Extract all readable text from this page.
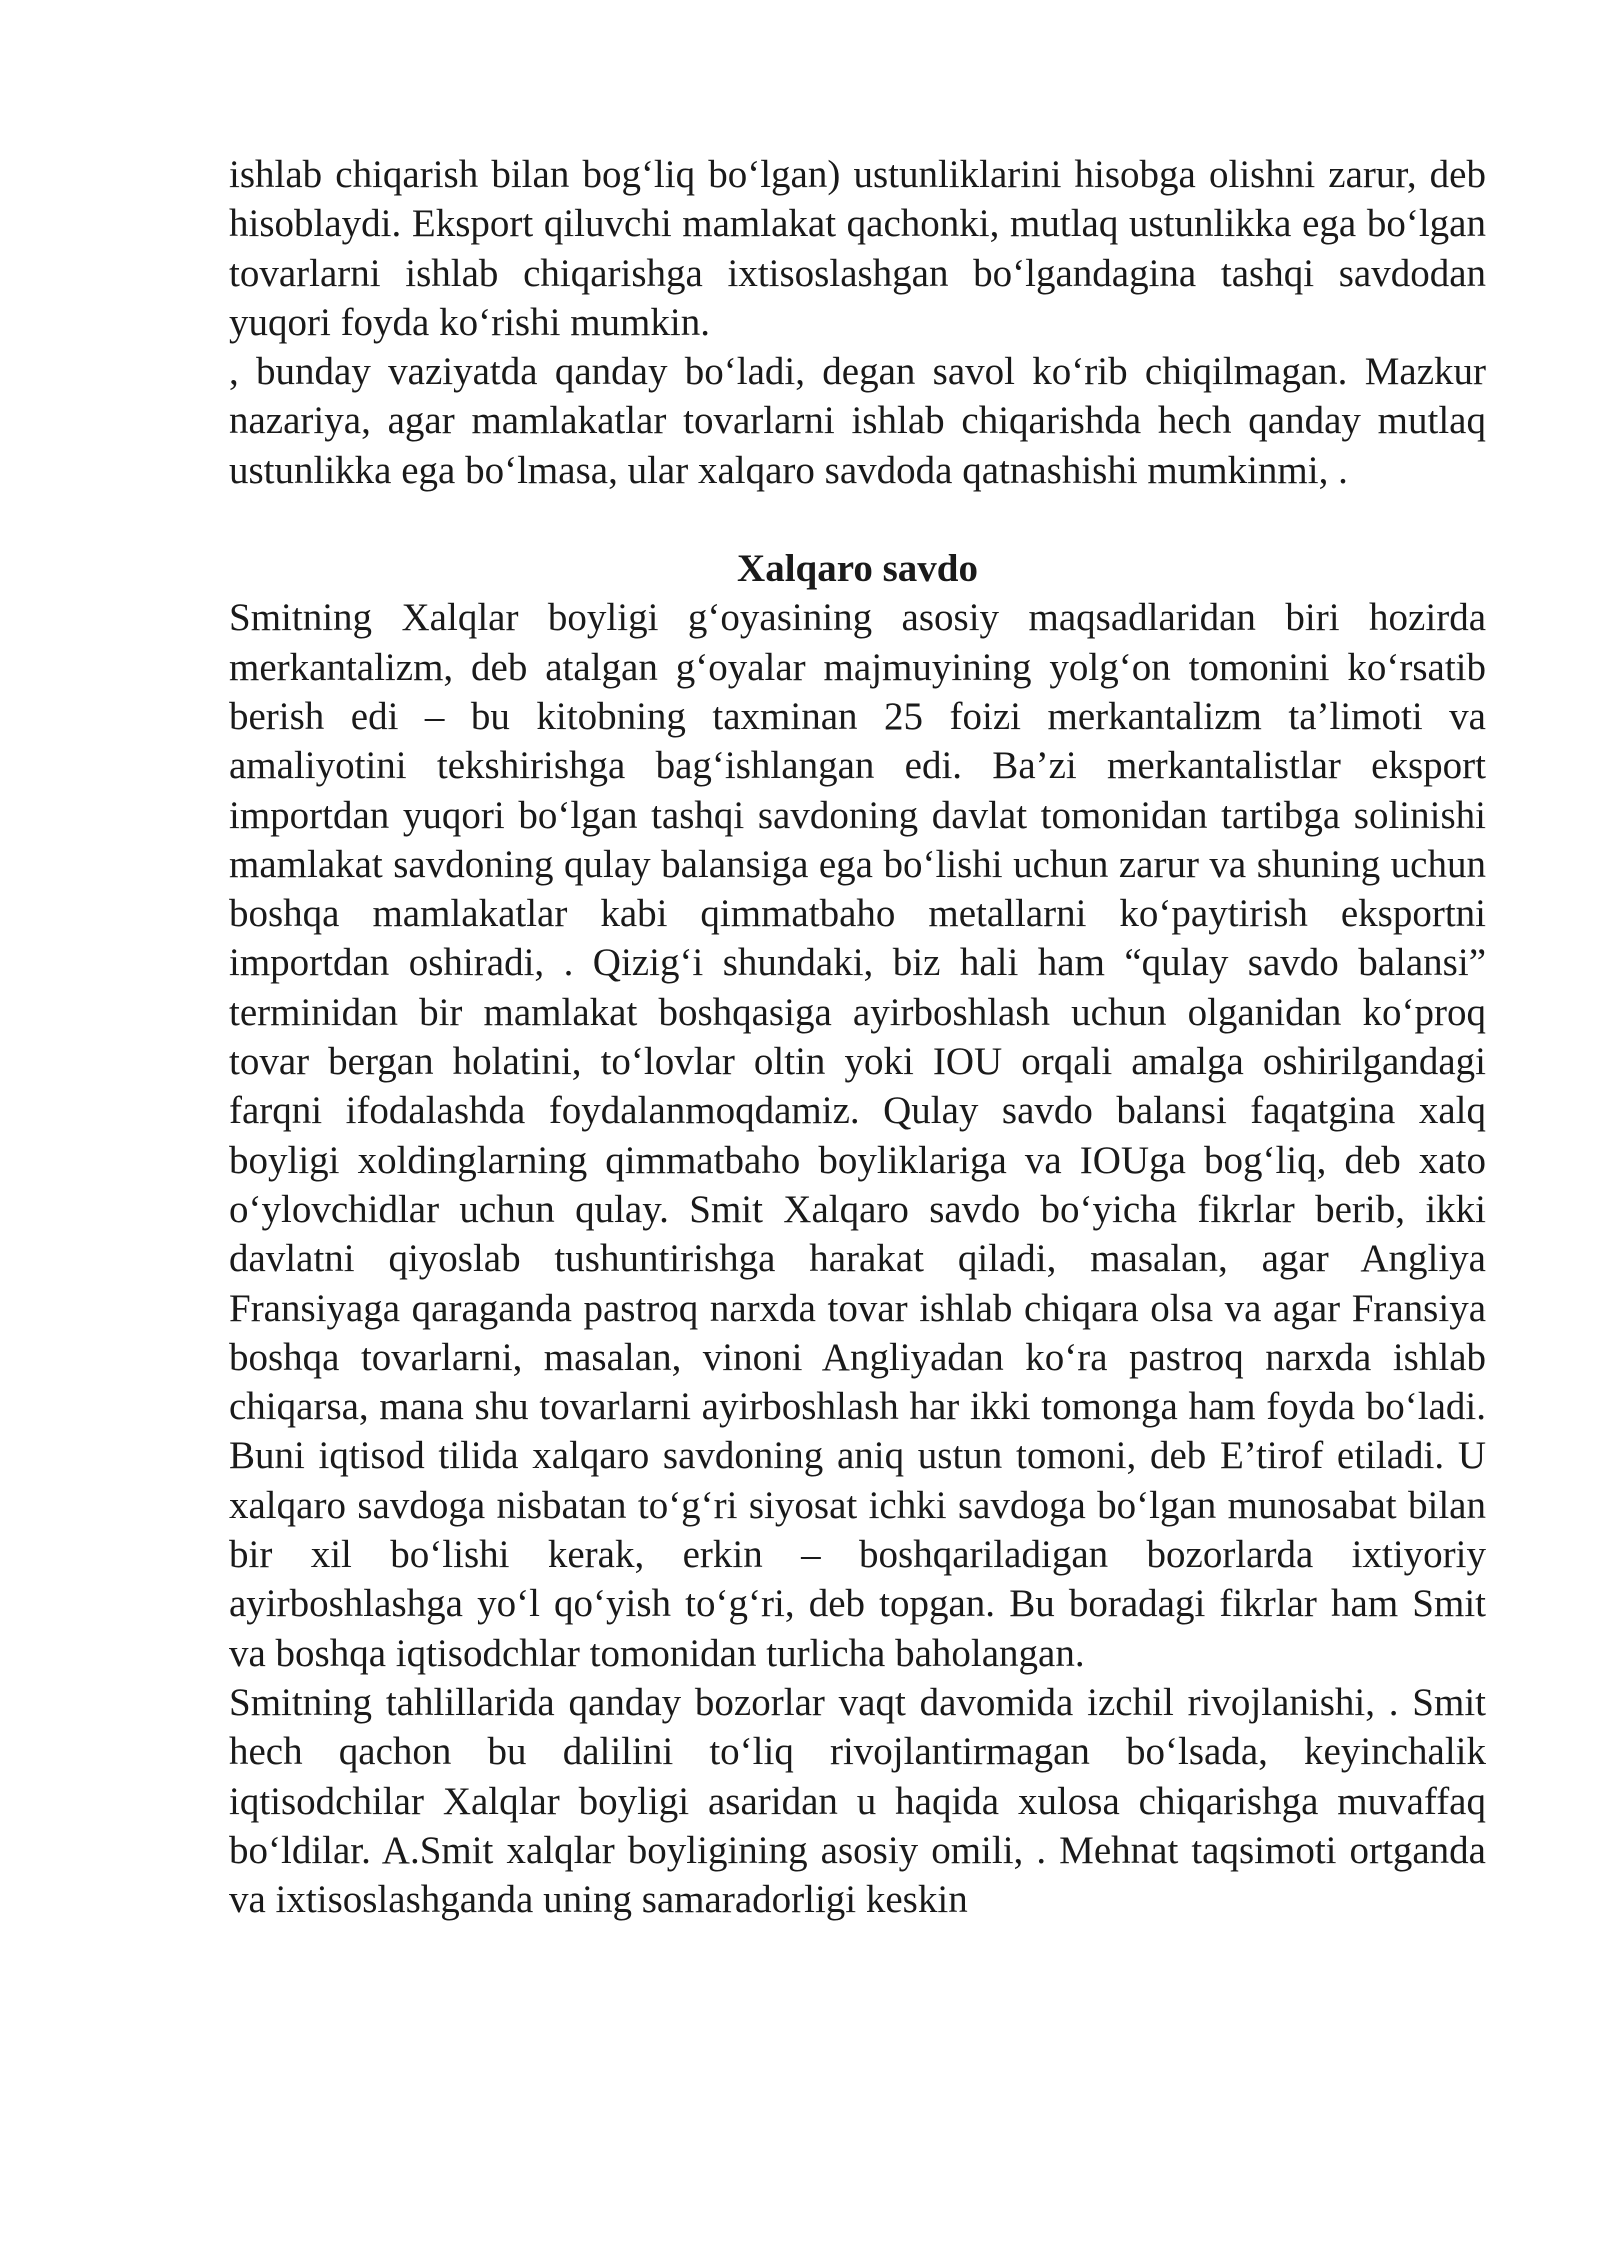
ishlab chiqarish bilan bog‘liq bo‘lgan) ustunliklarini hisobga olishni zarur, deb hisoblaydi. Eksport qiluvchi mamlakat qachonki, mutlaq ustunlikka ega bo‘lgan tovarlarni ishlab chiqarishga ixtisoslashgan bo‘lgandagina tashqi savdodan yuqori foyda ko‘rishi mumkin.

, bunday vaziyatda qanday bo‘ladi, degan savol ko‘rib chiqilmagan. Mazkur nazariya, agar mamlakatlar tovarlarni ishlab chiqarishda hech qanday mutlaq ustunlikka ega bo‘lmasa, ular xalqaro savdoda qatnashishi mumkinmi, .

Xalqaro savdo

Smitning Xalqlar boyligi g‘oyasining asosiy maqsadlaridan biri hozirda merkantalizm, deb atalgan g‘oyalar majmuyining yolg‘on tomonini ko‘rsatib berish edi – bu kitobning taxminan 25 foizi merkantalizm ta’limoti va amaliyotini tekshirishga bag‘ishlangan edi. Ba’zi merkantalistlar eksport importdan yuqori bo‘lgan tashqi savdoning davlat tomonidan tartibga solinishi mamlakat savdoning qulay balansiga ega bo‘lishi uchun zarur va shuning uchun boshqa mamlakatlar kabi qimmatbaho metallarni ko‘paytirish eksportni importdan oshiradi, . Qizig‘i shundaki, biz hali ham “qulay savdo balansi” terminidan bir mamlakat boshqasiga ayirboshlash uchun olganidan ko‘proq tovar bergan holatini, to‘lovlar oltin yoki IOU orqali amalga oshirilgandagi farqni ifodalashda foydalanmoqdamiz. Qulay savdo balansi faqatgina xalq boyligi xoldinglarning qimmatbaho boyliklariga va IOUga bog‘liq, deb xato o‘ylovchidlar uchun qulay. Smit Xalqaro savdo bo‘yicha fikrlar berib, ikki davlatni qiyoslab tushuntirishga harakat qiladi, masalan, agar Angliya Fransiyaga qaraganda pastroq narxda tovar ishlab chiqara olsa va agar Fransiya boshqa tovarlarni, masalan, vinoni Angliyadan ko‘ra pastroq narxda ishlab chiqarsa, mana shu tovarlarni ayirboshlash har ikki tomonga ham foyda bo‘ladi. Buni iqtisod tilida xalqaro savdoning aniq ustun tomoni, deb E’tirof etiladi. U xalqaro savdoga nisbatan to‘g‘ri siyosat ichki savdoga bo‘lgan munosabat bilan bir xil bo‘lishi kerak, erkin – boshqariladigan bozorlarda ixtiyoriy ayirboshlashga yo‘l qo‘yish to‘g‘ri, deb topgan. Bu boradagi fikrlar ham Smit va boshqa iqtisodchlar tomonidan turlicha baholangan.

Smitning tahlillarida qanday bozorlar vaqt davomida izchil rivojlanishi, . Smit hech qachon bu dalilini to‘liq rivojlantirmagan bo‘lsada, keyinchalik iqtisodchilar Xalqlar boyligi asaridan u haqida xulosa chiqarishga muvaffaq bo‘ldilar. A.Smit xalqlar boyligining asosiy omili, . Mehnat taqsimoti ortganda va ixtisoslashganda uning samaradorligi keskin
